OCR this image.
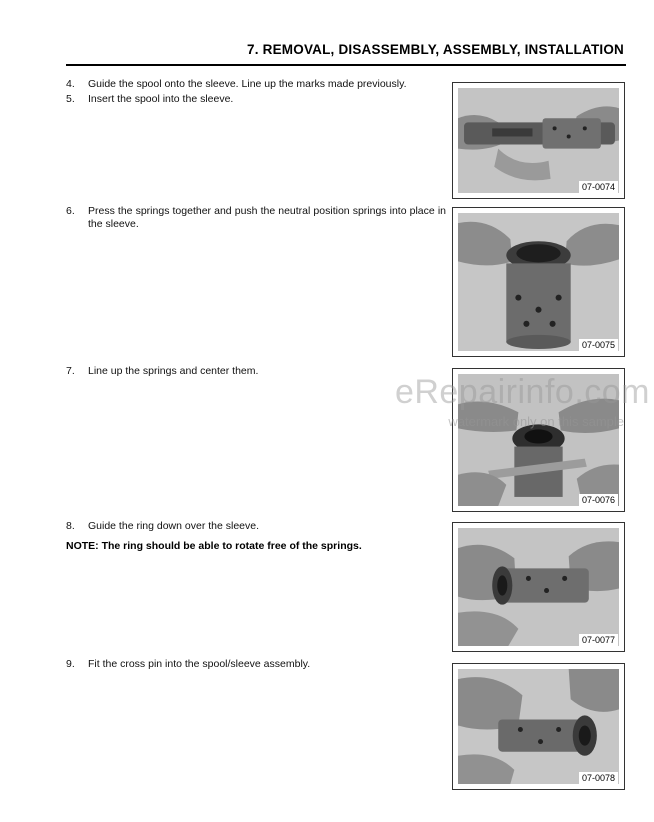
7. REMOVAL, DISASSEMBLY, ASSEMBLY, INSTALLATION
4. Guide the spool onto the sleeve. Line up the marks made previously.
5. Insert the spool into the sleeve.
6.	Press the springs together and push the neutral position springs into place in the sleeve.
7. Line up the springs and center them.
8. Guide the ring down over the sleeve.
NOTE: The ring should be able to rotate free of the springs.
9. Fit the cross pin into the spool/sleeve assembly.
07-0074
07-0075
07-0076
07-0077
07-0078
eRepairinfo.com
watermark only on this sample
